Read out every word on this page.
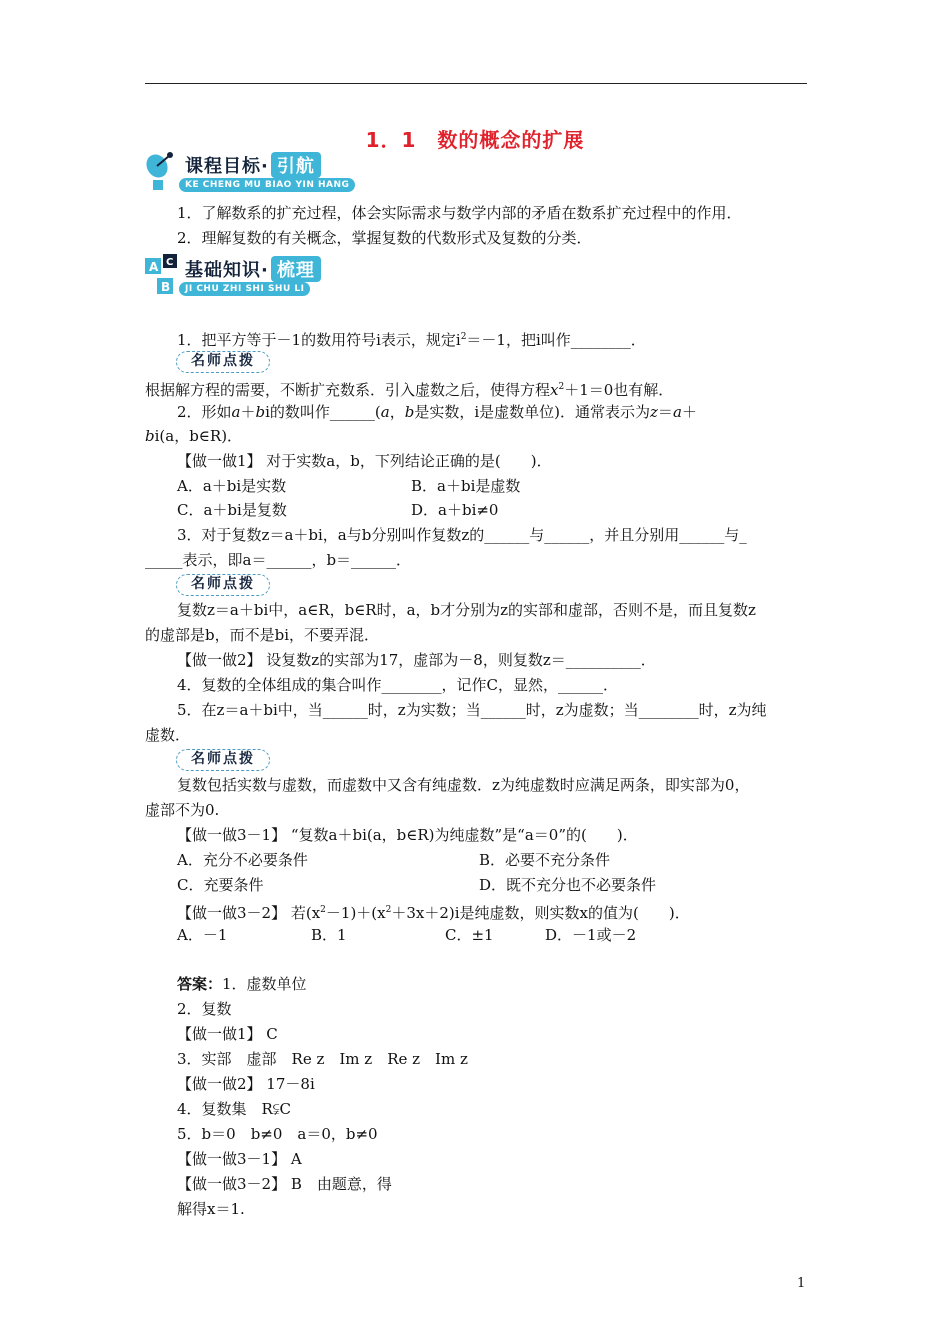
1．1　数的概念的扩展
课程目标· 引航
KE CHENG MU BIAO YIN HANG
1．了解数系的扩充过程，体会实际需求与数学内部的矛盾在数系扩充过程中的作用．
2．理解复数的有关概念，掌握复数的代数形式及复数的分类．
A C
B
基础知识· 梳理
JI CHU ZHI SHI SHU LI
1．把平方等于－1的数用符号i表示，规定$i^2=-1$，把i叫作________．
名师点拨
根据解方程的需要，不断扩充数系．引入虚数之后，使得方程$x^2+1=0$也有解．
2．形如a＋bi的数叫作______(a，b是实数，i是虚数单位)．通常表示为z＝a＋
bi(a，b∈R)．
【做一做1】 对于实数a，b，下列结论正确的是(　　)．
A．a＋bi是实数	B．a＋bi是虚数
C．a＋bi是复数	D．a＋bi≠0
3．对于复数z＝a＋bi，a与b分别叫作复数z的______与______，并且分别用______与_
_____表示，即a＝______，b＝______．
名师点拨
复数z＝a＋bi中，a∈R，b∈R时，a，b才分别为z的实部和虚部，否则不是，而且复数z
的虚部是b，而不是bi，不要弄混．
【做一做2】 设复数z的实部为17，虚部为－8，则复数z＝__________．
4．复数的全体组成的集合叫作________，记作C，显然，______．
5．在z＝a＋bi中，当______时，z为实数；当______时，z为虚数；当________时，z为纯
虚数．
名师点拨
复数包括实数与虚数，而虚数中又含有纯虚数．z为纯虚数时应满足两条，即实部为0，
虚部不为0.
【做一做3－1】 “复数a＋bi(a，b∈R)为纯虚数”是“a＝0”的(　　)．
A．充分不必要条件	B．必要不充分条件
C．充要条件	D．既不充分也不必要条件
【做一做3－2】 若$(x^2-1)+(x^2+3x+2)i$是纯虚数，则实数x的值为(　　)．
A．－1	B．1	C．±1	D．－1或－2
答案：1．虚数单位
2．复数
【做一做1】 C
3．实部　虚部　Re z　Im z　Re z　Im z
【做一做2】 17－8i
4．复数集　R⫋C
5．b＝0　b≠0　a＝0，b≠0
【做一做3－1】 A
【做一做3－2】 B　由题意，得
解得x＝1.
1
